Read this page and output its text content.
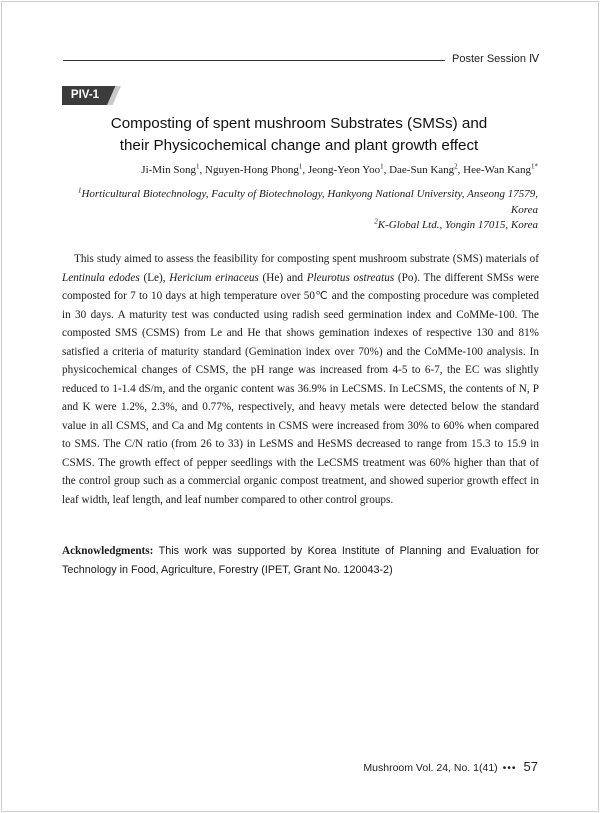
Poster Session Ⅳ
PIV-1
Composting of spent mushroom Substrates (SMSs) and
their Physicochemical change and plant growth effect
Ji-Min Song$^1$, Nguyen-Hong Phong$^1$, Jeong-Yeon Yoo$^1$, Dae-Sun Kang$^2$, Hee-Wan Kang$^{1*}$
$^1$Horticultural Biotechnology, Faculty of Biotechnology, Hankyong National University, Anseong 17579, Korea
$^2$K-Global Ltd., Yongin 17015, Korea

This study aimed to assess the feasibility for composting spent mushroom substrate (SMS) materials of Lentinula edodes (Le), Hericium erinaceus (He) and Pleurotus ostreatus (Po). The different SMSs were composted for 7 to 10 days at high temperature over 50℃ and the composting procedure was completed in 30 days. A maturity test was conducted using radish seed germination index and CoMMe-100. The composted SMS (CSMS) from Le and He that shows gemination indexes of respective 130 and 81% satisfied a criteria of maturity standard (Gemination index over 70%) and the CoMMe-100 analysis. In physicochemical changes of CSMS, the pH range was increased from 4-5 to 6-7, the EC was slightly reduced to 1-1.4 dS/m, and the organic content was 36.9% in LeCSMS. In LeCSMS, the contents of N, P and K were 1.2%, 2.3%, and 0.77%, respectively, and heavy metals were detected below the standard value in all CSMS, and Ca and Mg contents in CSMS were increased from 30% to 60% when compared to SMS. The C/N ratio (from 26 to 33) in LeSMS and HeSMS decreased to range from 15.3 to 15.9 in CSMS. The growth effect of pepper seedlings with the LeCSMS treatment was 60% higher than that of the control group such as a commercial organic compost treatment, and showed superior growth effect in leaf width, leaf length, and leaf number compared to other control groups.

Acknowledgments: This work was supported by Korea Institute of Planning and Evaluation for Technology in Food, Agriculture, Forestry (IPET, Grant No. 120043-2)

Mushroom Vol. 24, No. 1(41) ••• 57
